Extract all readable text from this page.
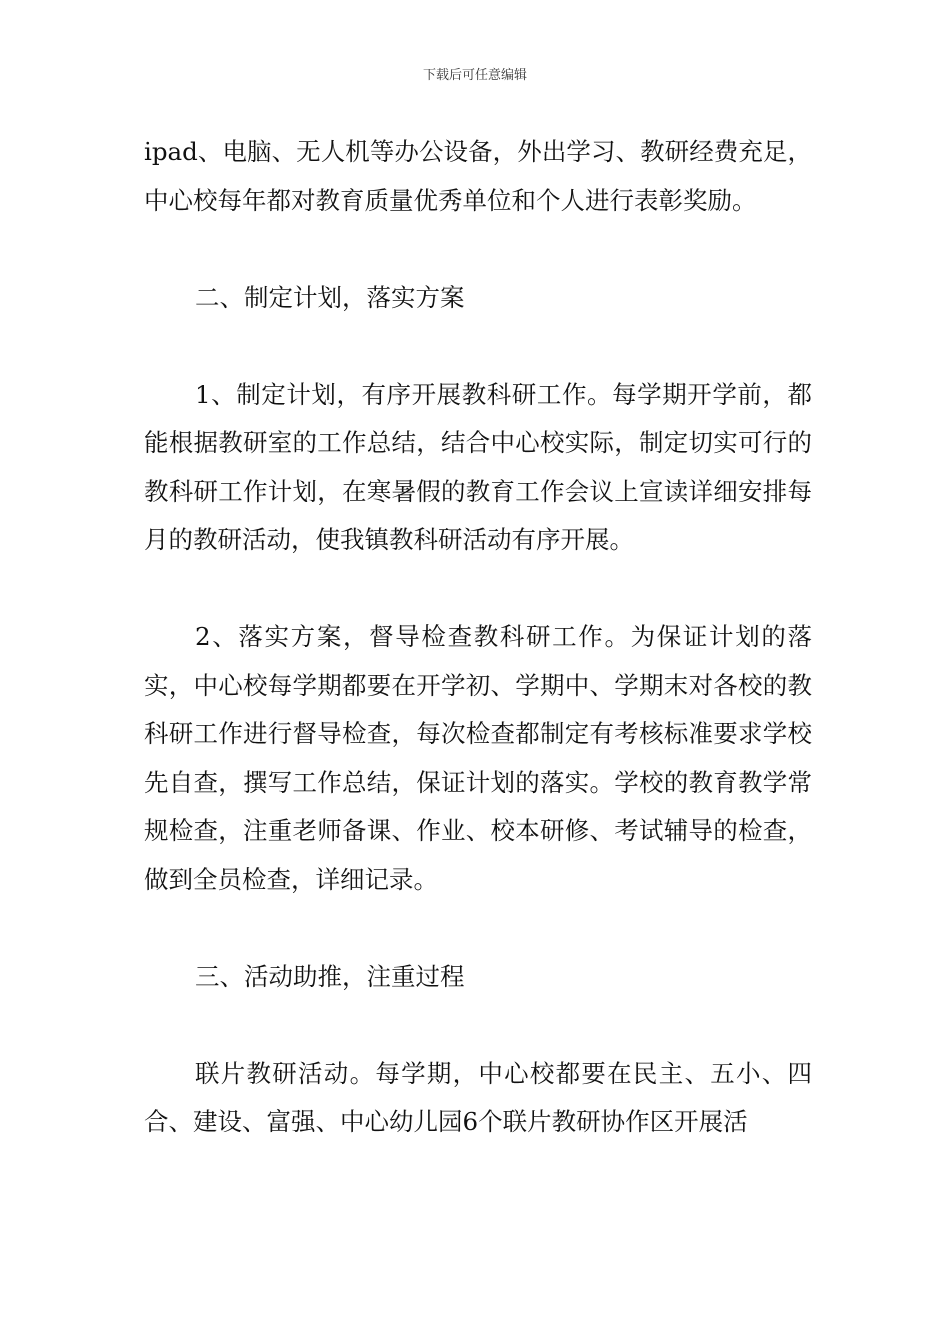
下载后可任意编辑

ipad、电脑、无人机等办公设备，外出学习、教研经费充足，中心校每年都对教育质量优秀单位和个人进行表彰奖励。

二、制定计划，落实方案

1、制定计划，有序开展教科研工作。每学期开学前，都能根据教研室的工作总结，结合中心校实际，制定切实可行的教科研工作计划，在寒暑假的教育工作会议上宣读详细安排每月的教研活动，使我镇教科研活动有序开展。

2、落实方案，督导检查教科研工作。为保证计划的落实，中心校每学期都要在开学初、学期中、学期末对各校的教科研工作进行督导检查，每次检查都制定有考核标准要求学校先自查，撰写工作总结，保证计划的落实。学校的教育教学常规检查，注重老师备课、作业、校本研修、考试辅导的检查，做到全员检查，详细记录。

三、活动助推，注重过程

联片教研活动。每学期，中心校都要在民主、五小、四合、建设、富强、中心幼儿园6个联片教研协作区开展活
